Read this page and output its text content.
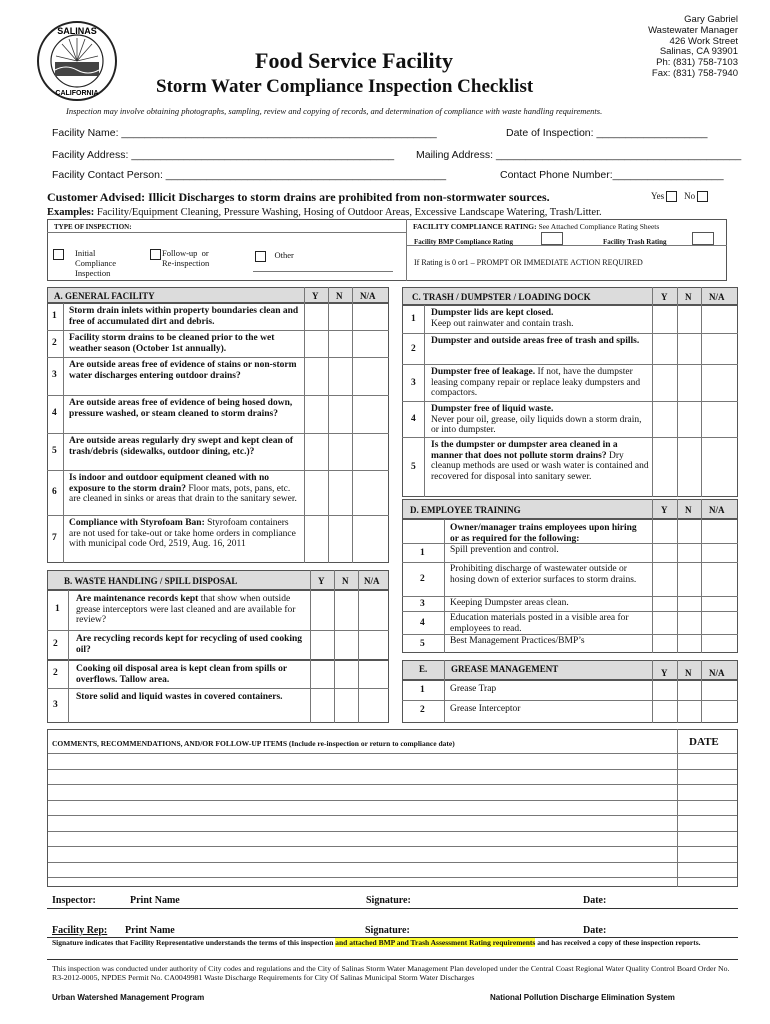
SALINAS
CALIFORNIA
Gary Gabriel
Wastewater Manager
426 Work Street
Salinas, CA 93901
Ph: (831) 758-7103
Fax: (831) 758-7940
Food Service Facility
Storm Water Compliance Inspection Checklist
Inspection may involve obtaining photographs, sampling, review and copying of records, and determination of compliance with waste handling requirements.
Facility Name: ______________________________________________________	Date of Inspection: ___________________
Facility Address: _____________________________________________ Mailing Address: __________________________________________
Facility Contact Person: ________________________________________________	Contact Phone Number:___________________
Customer Advised: Illicit Discharges to storm drains are prohibited from non-stormwater sources.	Yes No
Examples: Facility/Equipment Cleaning, Pressure Washing, Hosing of Outdoor Areas, Excessive Landscape Watering, Trash/Litter.
TYPE OF INSPECTION:
Initial
Compliance
Inspection
Follow-up  or
Re-inspection
Other
FACILITY COMPLIANCE RATING: See Attached Compliance Rating Sheets
Facility BMP Compliance Rating	Facility Trash Rating
If Rating is 0 or1 – PROMPT OR IMMEDIATE ACTION REQUIRED
A. GENERAL FACILITY	Y N N/A
B. WASTE HANDLING / SPILL DISPOSAL	Y N N/A
C. TRASH / DUMPSTER / LOADING DOCK	Y N N/A
D. EMPLOYEE TRAINING	Y N N/A
Owner/manager trains employees upon hiring or as required for the following:
E.	GREASE MANAGEMENT	Y N N/A
1 Storm drain inlets within property boundaries clean and free of accumulated dirt and debris.
2 Facility storm drains to be cleaned prior to the wet weather season (October 1st annually).
3
Are outside areas free of evidence of stains or non-storm water discharges entering outdoor drains?
4
Are outside areas free of evidence of being hosed down, pressure washed, or steam cleaned to storm drains?
5
Are outside areas regularly dry swept and kept clean of trash/debris (sidewalks, outdoor dining, etc.)?
6
Is indoor and outdoor equipment cleaned with no exposure to the storm drain? Floor mats, pots, pans, etc. are cleaned in sinks or areas that drain to the sanitary sewer.
7
Compliance with Styrofoam Ban: Styrofoam containers are not used for take-out or take home orders in compliance with municipal code Ord, 2519, Aug. 16, 2011
1
Are maintenance records kept that show when outside grease interceptors were last cleaned and are available for review?
2 Are recycling records kept for recycling of used cooking oil?
2 Cooking oil disposal area is kept clean from spills or overflows. Tallow area.
3
Store solid and liquid wastes in covered containers.
1
Dumpster lids are kept closed.
Keep out rainwater and contain trash.
2
Dumpster and outside areas free of trash and spills.
3
Dumpster free of leakage. If not, have the dumpster leasing company repair or replace leaky dumpsters and compactors.
4
Dumpster free of liquid waste.
Never pour oil, grease, oily liquids down a storm drain, or into dumpster.
5
Is the dumpster or dumpster area cleaned in a manner that does not pollute storm drains? Dry cleanup methods are used or wash water is contained and recovered for disposal into sanitary sewer.
1	Spill prevention and control.
2
Prohibiting discharge of wastewater outside or hosing down of exterior surfaces to storm drains.
3	Keeping Dumpster areas clean.
4	Education materials posted in a visible area for employees to read.
5	Best Management Practices/BMP’s
1	Grease Trap
2	Grease Interceptor
COMMENTS, RECOMMENDATIONS, AND/OR FOLLOW-UP ITEMS (Include re-inspection or return to compliance date)	DATE
Inspector:	Print Name	Signature:	Date:
Facility Rep: Print Name	Signature:	Date:
Signature indicates that Facility Representative understands the terms of this inspection and attached BMP and Trash Assessment Rating requirements and has received a copy of these inspection reports.
This inspection was conducted under authority of City codes and regulations and the City of Salinas Storm Water Management Plan developed under the Central Coast Regional Water Quality Control Board Order No. R3-2012-0005, NPDES Permit No. CA0049981 Waste Discharge Requirements for City Of Salinas Municipal Storm Water Discharges
Urban Watershed Management Program	National Pollution Discharge Elimination System
